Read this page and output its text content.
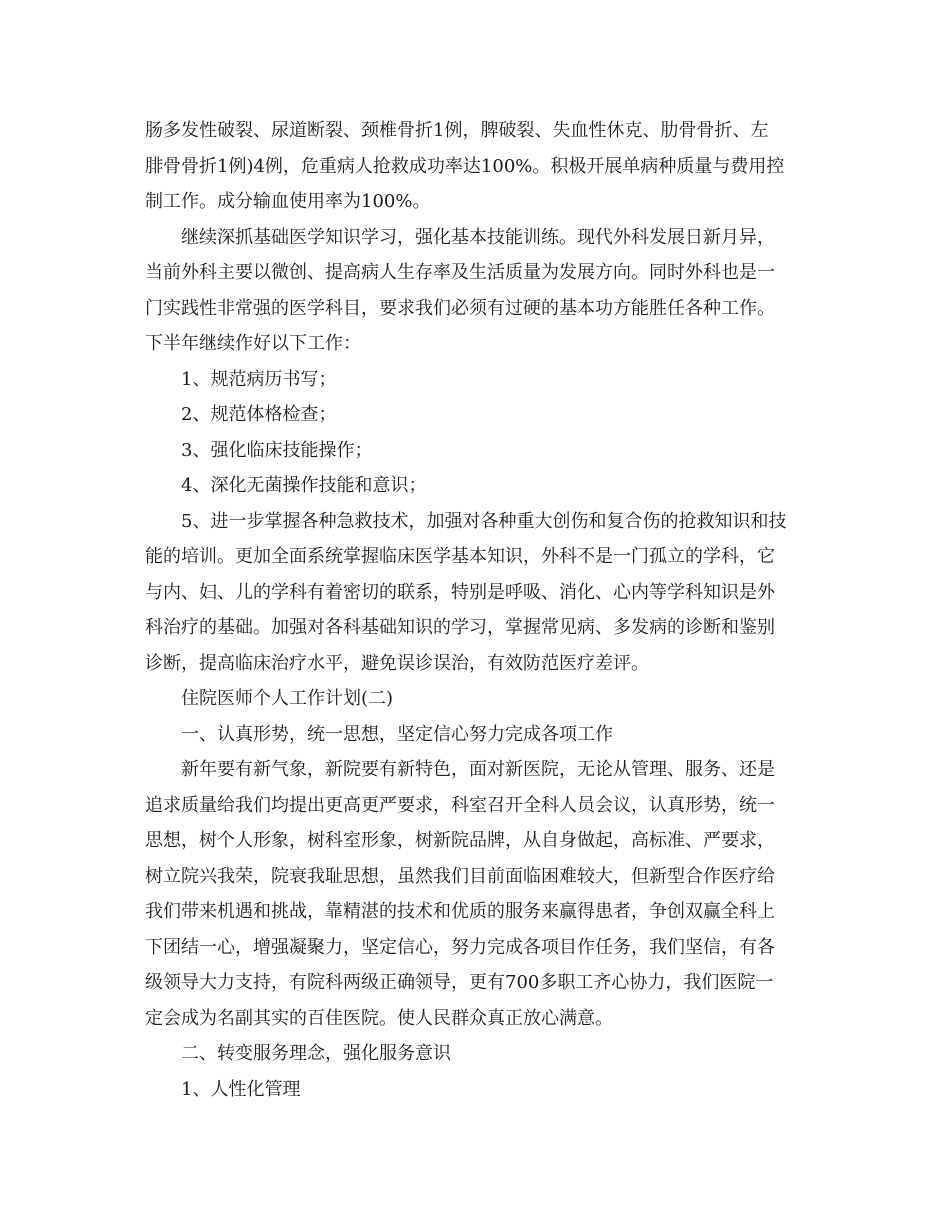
肠多发性破裂、尿道断裂、颈椎骨折1例，脾破裂、失血性休克、肋骨骨折、左
腓骨骨折1例)4例，危重病人抢救成功率达100%。积极开展单病种质量与费用控
制工作。成分输血使用率为100%。
继续深抓基础医学知识学习，强化基本技能训练。现代外科发展日新月异，
当前外科主要以微创、提高病人生存率及生活质量为发展方向。同时外科也是一
门实践性非常强的医学科目，要求我们必须有过硬的基本功方能胜任各种工作。
下半年继续作好以下工作：
1、规范病历书写；
2、规范体格检查；
3、强化临床技能操作；
4、深化无菌操作技能和意识；
5、进一步掌握各种急救技术，加强对各种重大创伤和复合伤的抢救知识和技
能的培训。更加全面系统掌握临床医学基本知识，外科不是一门孤立的学科，它
与内、妇、儿的学科有着密切的联系，特别是呼吸、消化、心内等学科知识是外
科治疗的基础。加强对各科基础知识的学习，掌握常见病、多发病的诊断和鉴别
诊断，提高临床治疗水平，避免误诊误治，有效防范医疗差评。
住院医师个人工作计划(二)
一、认真形势，统一思想，坚定信心努力完成各项工作
新年要有新气象，新院要有新特色，面对新医院，无论从管理、服务、还是
追求质量给我们均提出更高更严要求，科室召开全科人员会议，认真形势，统一
思想，树个人形象，树科室形象，树新院品牌，从自身做起，高标准、严要求，
树立院兴我荣，院衰我耻思想，虽然我们目前面临困难较大，但新型合作医疗给
我们带来机遇和挑战，靠精湛的技术和优质的服务来赢得患者，争创双赢全科上
下团结一心，增强凝聚力，坚定信心，努力完成各项目作任务，我们坚信，有各
级领导大力支持，有院科两级正确领导，更有700多职工齐心协力，我们医院一
定会成为名副其实的百佳医院。使人民群众真正放心满意。
二、转变服务理念，强化服务意识
1、人性化管理
